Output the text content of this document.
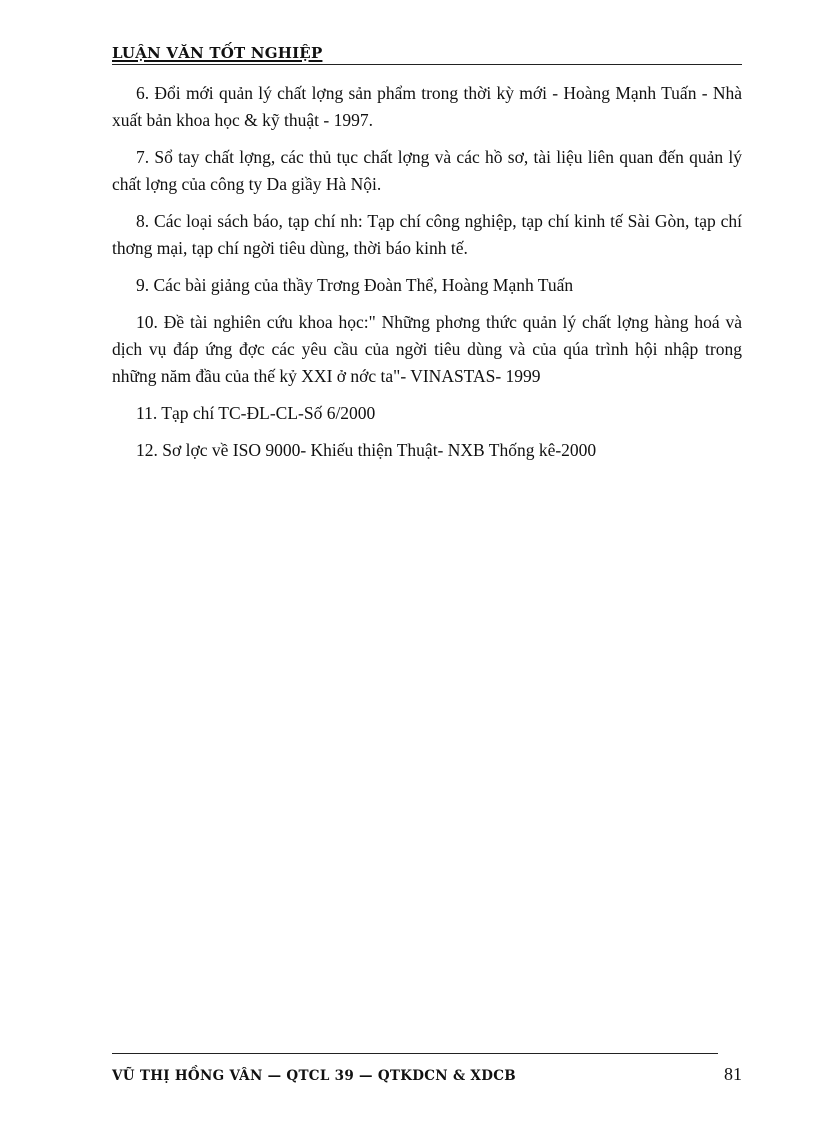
LUẬN VĂN TỐT NGHIỆP
6. Đổi mới quản lý chất lợng sản phẩm trong thời kỳ mới - Hoàng Mạnh Tuấn - Nhà xuất bản khoa học & kỹ thuật - 1997.
7. Sổ tay chất lợng, các thủ tục chất lợng và các hồ sơ, tài liệu liên quan đến quản lý chất lợng của công ty Da giầy Hà Nội.
8. Các loại sách báo, tạp chí nh: Tạp chí công nghiệp, tạp chí kinh tế Sài Gòn, tạp chí thơng mại, tạp chí ngời tiêu dùng, thời báo kinh tế.
9. Các bài giảng của thầy Trơng Đoàn Thể, Hoàng Mạnh Tuấn
10. Đề tài nghiên cứu khoa học:" Những phơng thức quản lý chất lợng hàng hoá và dịch vụ đáp ứng đợc các yêu cầu của ngời tiêu dùng và của qúa trình hội nhập trong những năm đầu của thế kỷ XXI ở nớc ta"- VINASTAS- 1999
11. Tạp chí TC-ĐL-CL-Số 6/2000
12. Sơ lợc về ISO 9000- Khiếu thiện Thuật- NXB Thống kê-2000
VŨ THỊ HỒNG VÂN — QTCL 39 — QTKDCN & XDCB	81
